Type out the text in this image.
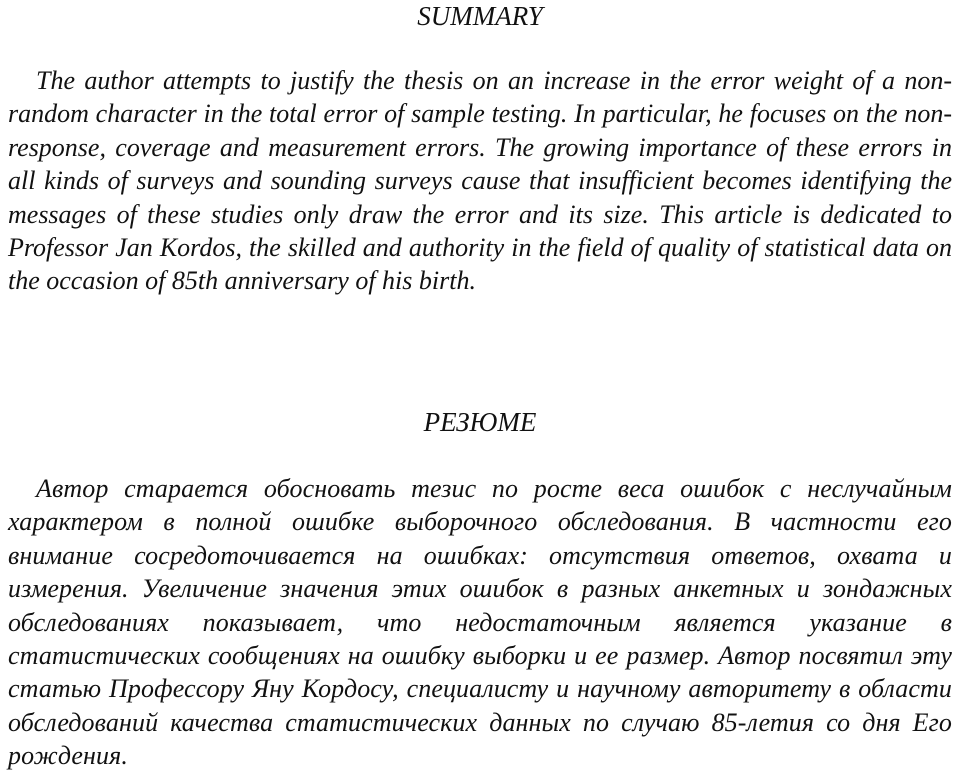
SUMMARY

The author attempts to justify the thesis on an increase in the error weight of a non-random character in the total error of sample testing. In particular, he focuses on the non-response, coverage and measurement errors. The growing importance of these errors in all kinds of surveys and sounding surveys cause that insufficient becomes identifying the messages of these studies only draw the error and its size. This article is dedicated to Professor Jan Kordos, the skilled and authority in the field of quality of statistical data on the occasion of 85th anniversary of his birth.

РЕЗЮМЕ

Автор старается обосновать тезис по росте веса ошибок с неслучайным характером в полной ошибке выборочного обследования. В частности его внимание сосредоточивается на ошибках: отсутствия ответов, охвата и измерения. Увеличение значения этих ошибок в разных анкетных и зондажных обследованиях показывает, что недостаточным является указание в статистических сообщениях на ошибку выборки и ее размер. Автор посвятил эту статью Профессору Яну Кордосу, специалисту и научному авторитету в области обследований качества статистических данных по случаю 85-летия со дня Его рождения.
